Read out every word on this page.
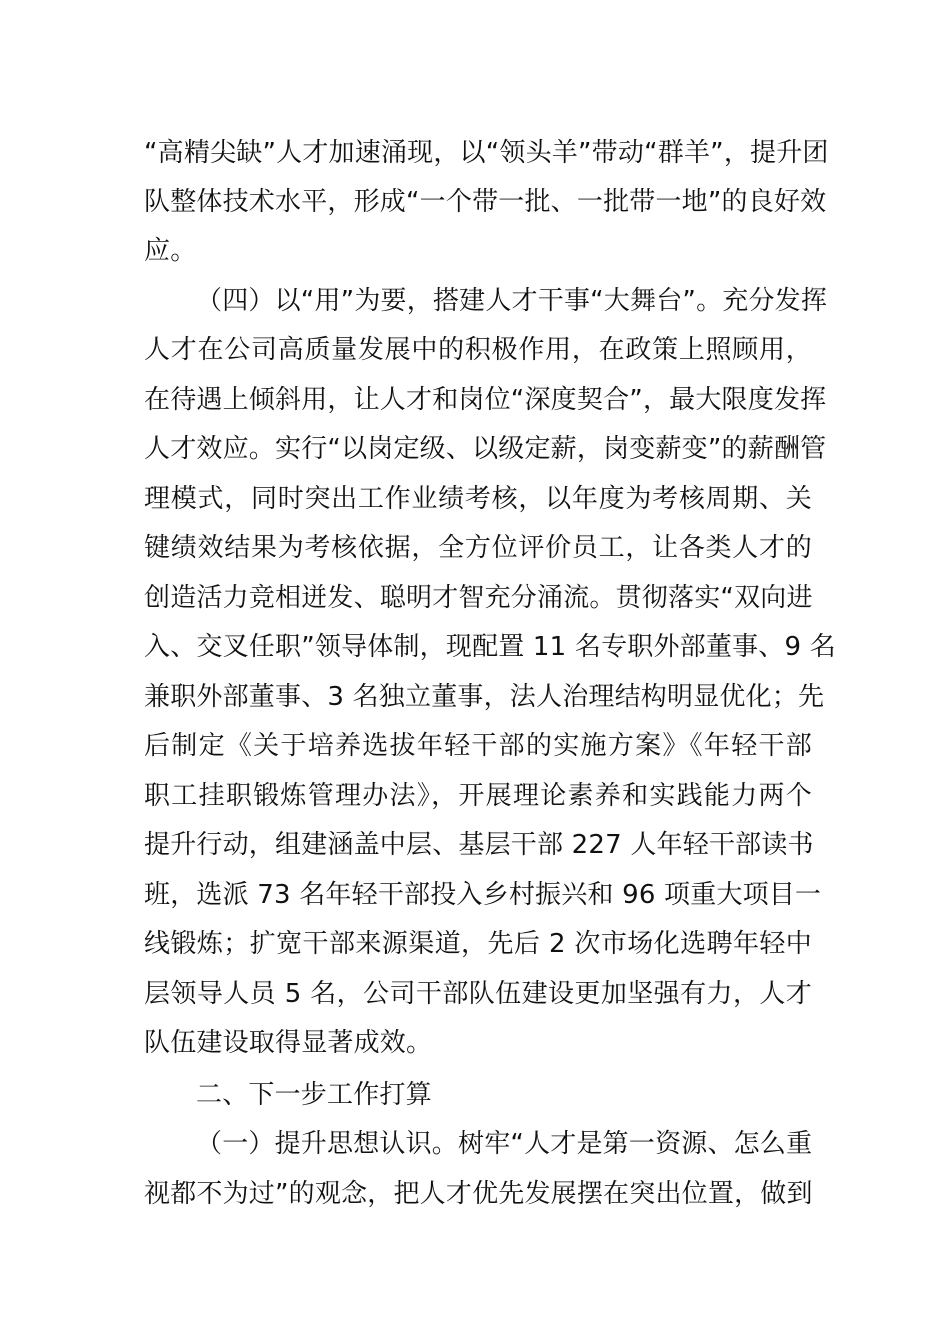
“高精尖缺”人才加速涌现，以“领头羊”带动“群羊”，提升团
队整体技术水平，形成“一个带一批、一批带一地”的良好效
应。
（四）以“用”为要，搭建人才干事“大舞台”。充分发挥
人才在公司高质量发展中的积极作用，在政策上照顾用，
在待遇上倾斜用，让人才和岗位“深度契合”，最大限度发挥
人才效应。实行“以岗定级、以级定薪，岗变薪变”的薪酬管
理模式，同时突出工作业绩考核，以年度为考核周期、关
键绩效结果为考核依据，全方位评价员工，让各类人才的
创造活力竞相迸发、聪明才智充分涌流。贯彻落实“双向进
入、交叉任职”领导体制，现配置 11 名专职外部董事、9 名
兼职外部董事、3 名独立董事，法人治理结构明显优化；先
后制定《关于培养选拔年轻干部的实施方案》《年轻干部
职工挂职锻炼管理办法》，开展理论素养和实践能力两个
提升行动，组建涵盖中层、基层干部 227 人年轻干部读书
班，选派 73 名年轻干部投入乡村振兴和 96 项重大项目一
线锻炼；扩宽干部来源渠道，先后 2 次市场化选聘年轻中
层领导人员 5 名，公司干部队伍建设更加坚强有力，人才
队伍建设取得显著成效。
二、下一步工作打算
（一）提升思想认识。树牢“人才是第一资源、怎么重
视都不为过”的观念，把人才优先发展摆在突出位置，做到
